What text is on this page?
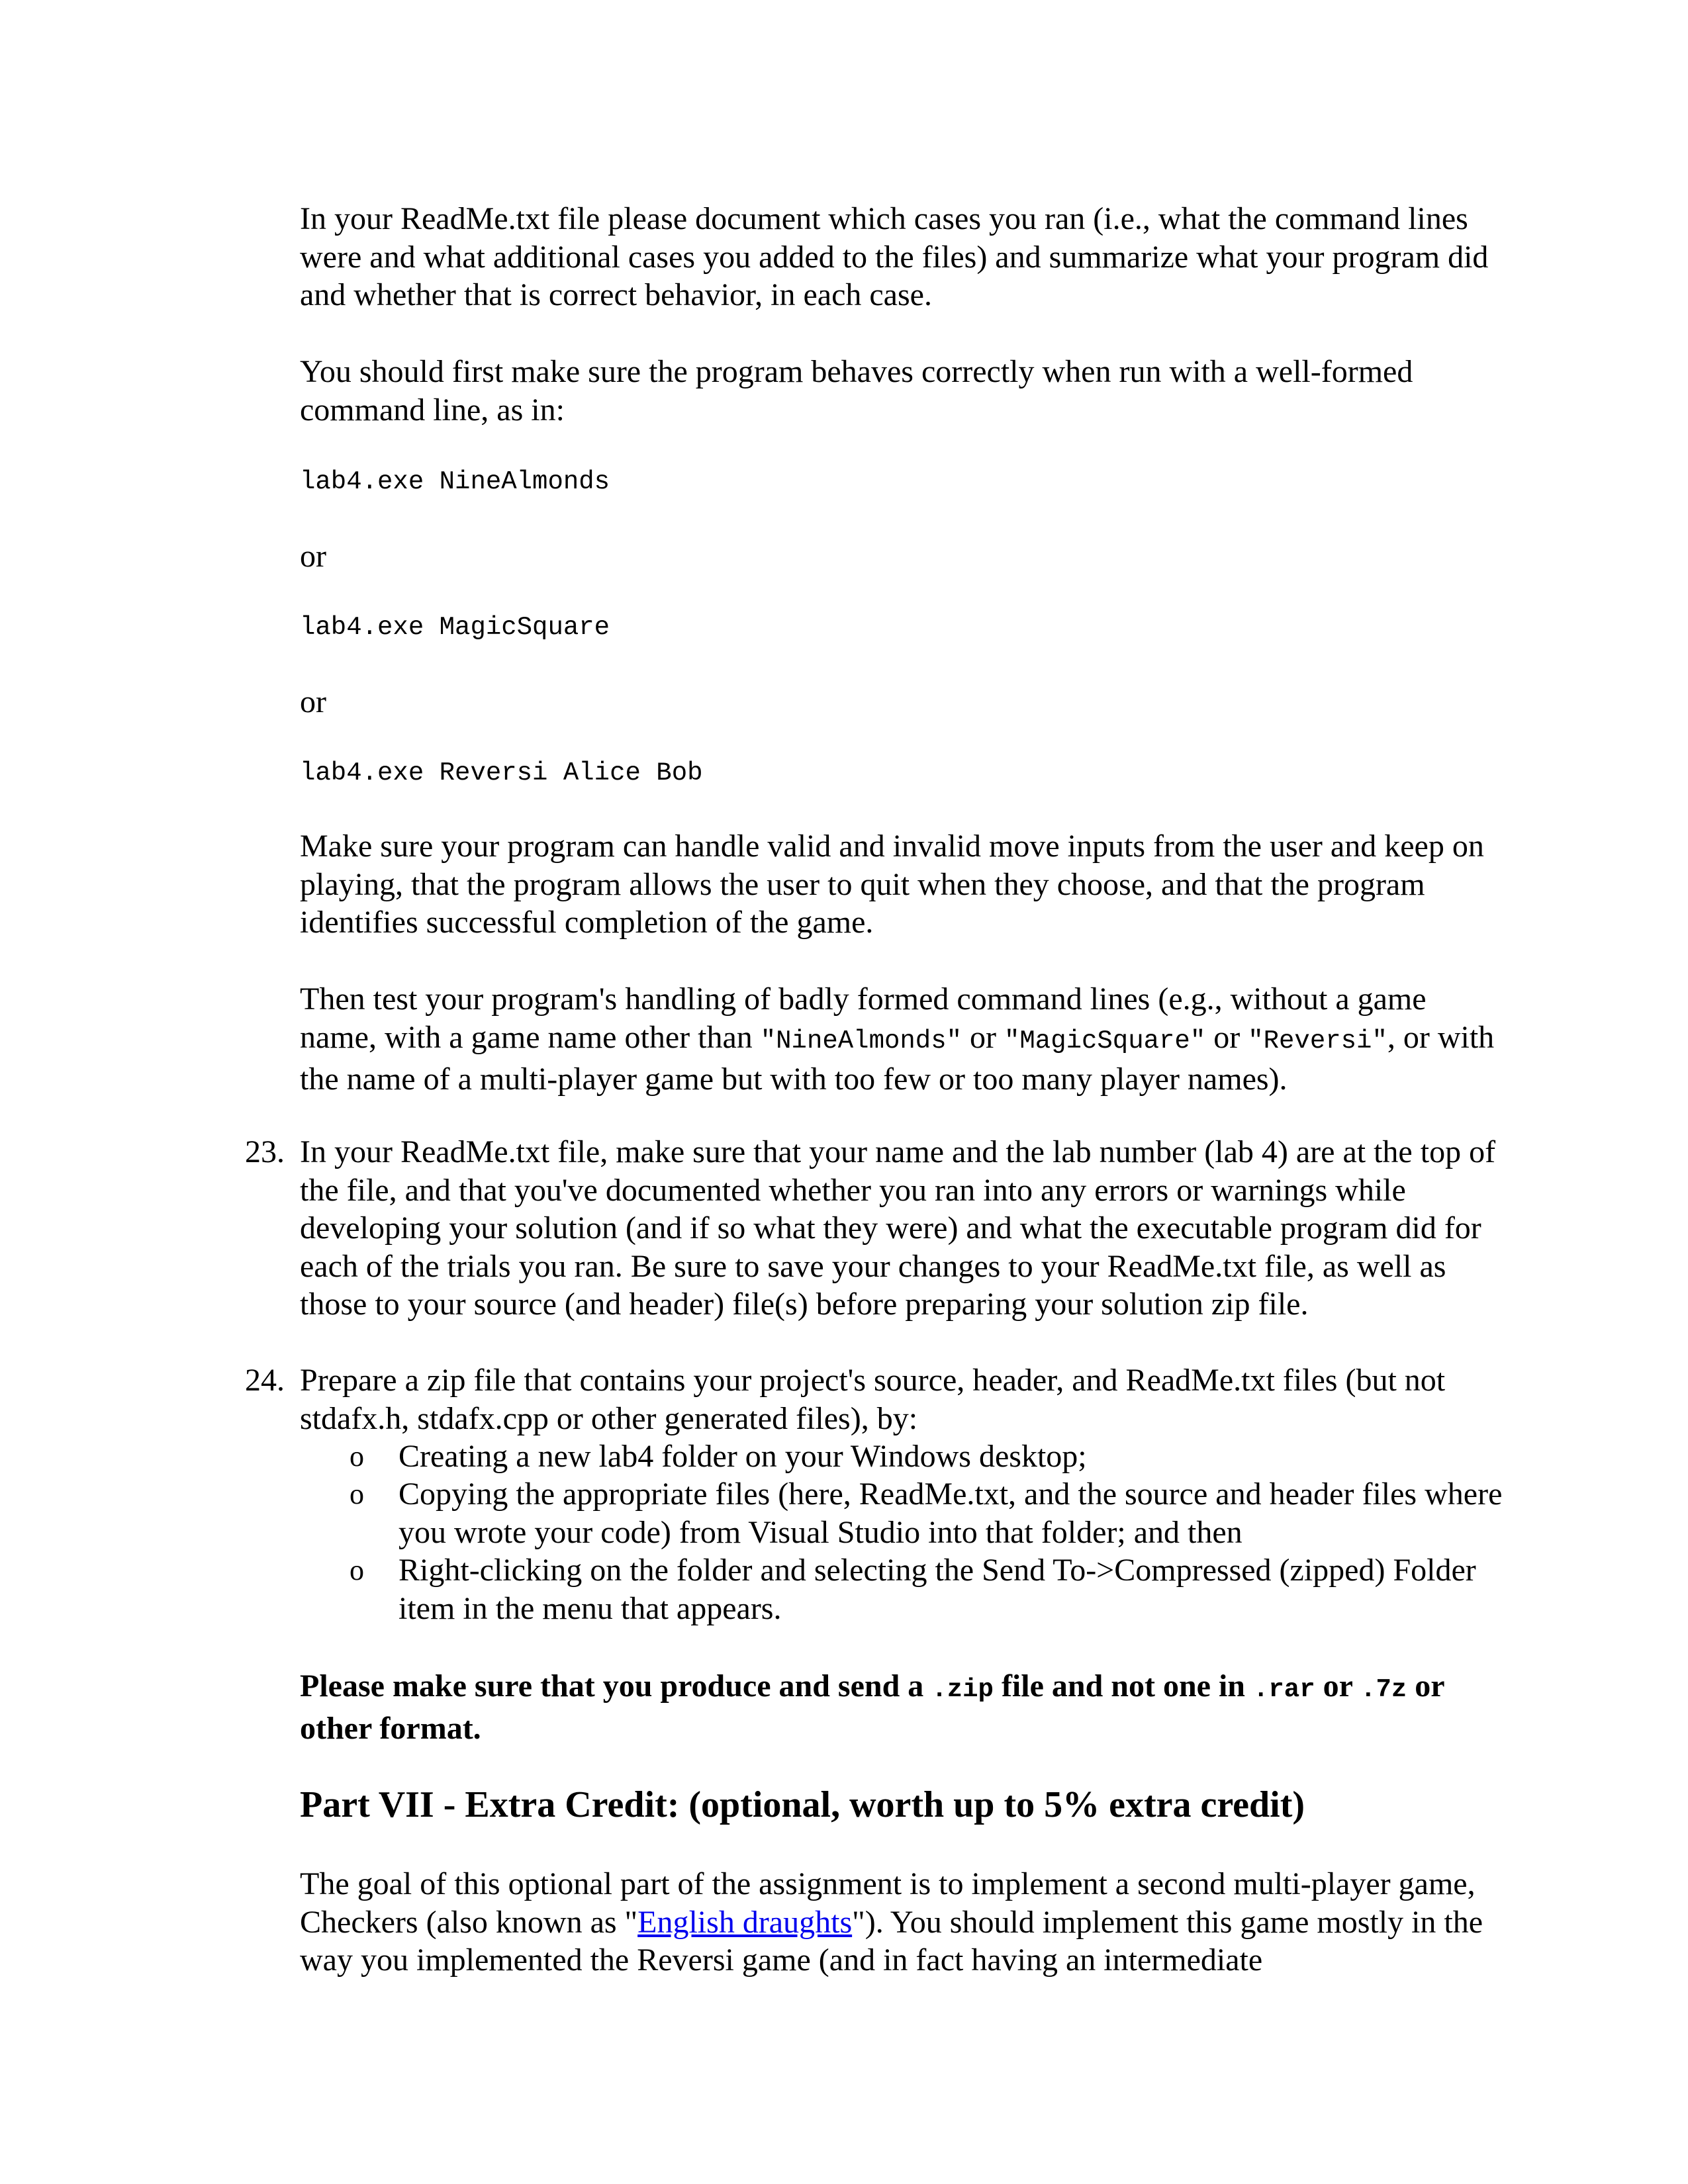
In your ReadMe.txt file please document which cases you ran (i.e., what the command lines were and what additional cases you added to the files) and summarize what your program did and whether that is correct behavior, in each case.

You should first make sure the program behaves correctly when run with a well-formed command line, as in:

lab4.exe NineAlmonds

or

lab4.exe MagicSquare

or

lab4.exe Reversi Alice Bob

Make sure your program can handle valid and invalid move inputs from the user and keep on playing, that the program allows the user to quit when they choose, and that the program identifies successful completion of the game.

Then test your program's handling of badly formed command lines (e.g., without a game name, with a game name other than "NineAlmonds" or "MagicSquare" or "Reversi", or with the name of a multi-player game but with too few or too many player names).

23. In your ReadMe.txt file, make sure that your name and the lab number (lab 4) are at the top of the file, and that you've documented whether you ran into any errors or warnings while developing your solution (and if so what they were) and what the executable program did for each of the trials you ran. Be sure to save your changes to your ReadMe.txt file, as well as those to your source (and header) file(s) before preparing your solution zip file.

24. Prepare a zip file that contains your project's source, header, and ReadMe.txt files (but not stdafx.h, stdafx.cpp or other generated files), by:

o Creating a new lab4 folder on your Windows desktop;

o Copying the appropriate files (here, ReadMe.txt, and the source and header files where you wrote your code) from Visual Studio into that folder; and then

o Right-clicking on the folder and selecting the Send To->Compressed (zipped) Folder item in the menu that appears.

Please make sure that you produce and send a .zip file and not one in .rar or .7z or other format.

Part VII - Extra Credit: (optional, worth up to 5% extra credit)

The goal of this optional part of the assignment is to implement a second multi-player game, Checkers (also known as "English draughts"). You should implement this game mostly in the way you implemented the Reversi game (and in fact having an intermediate
